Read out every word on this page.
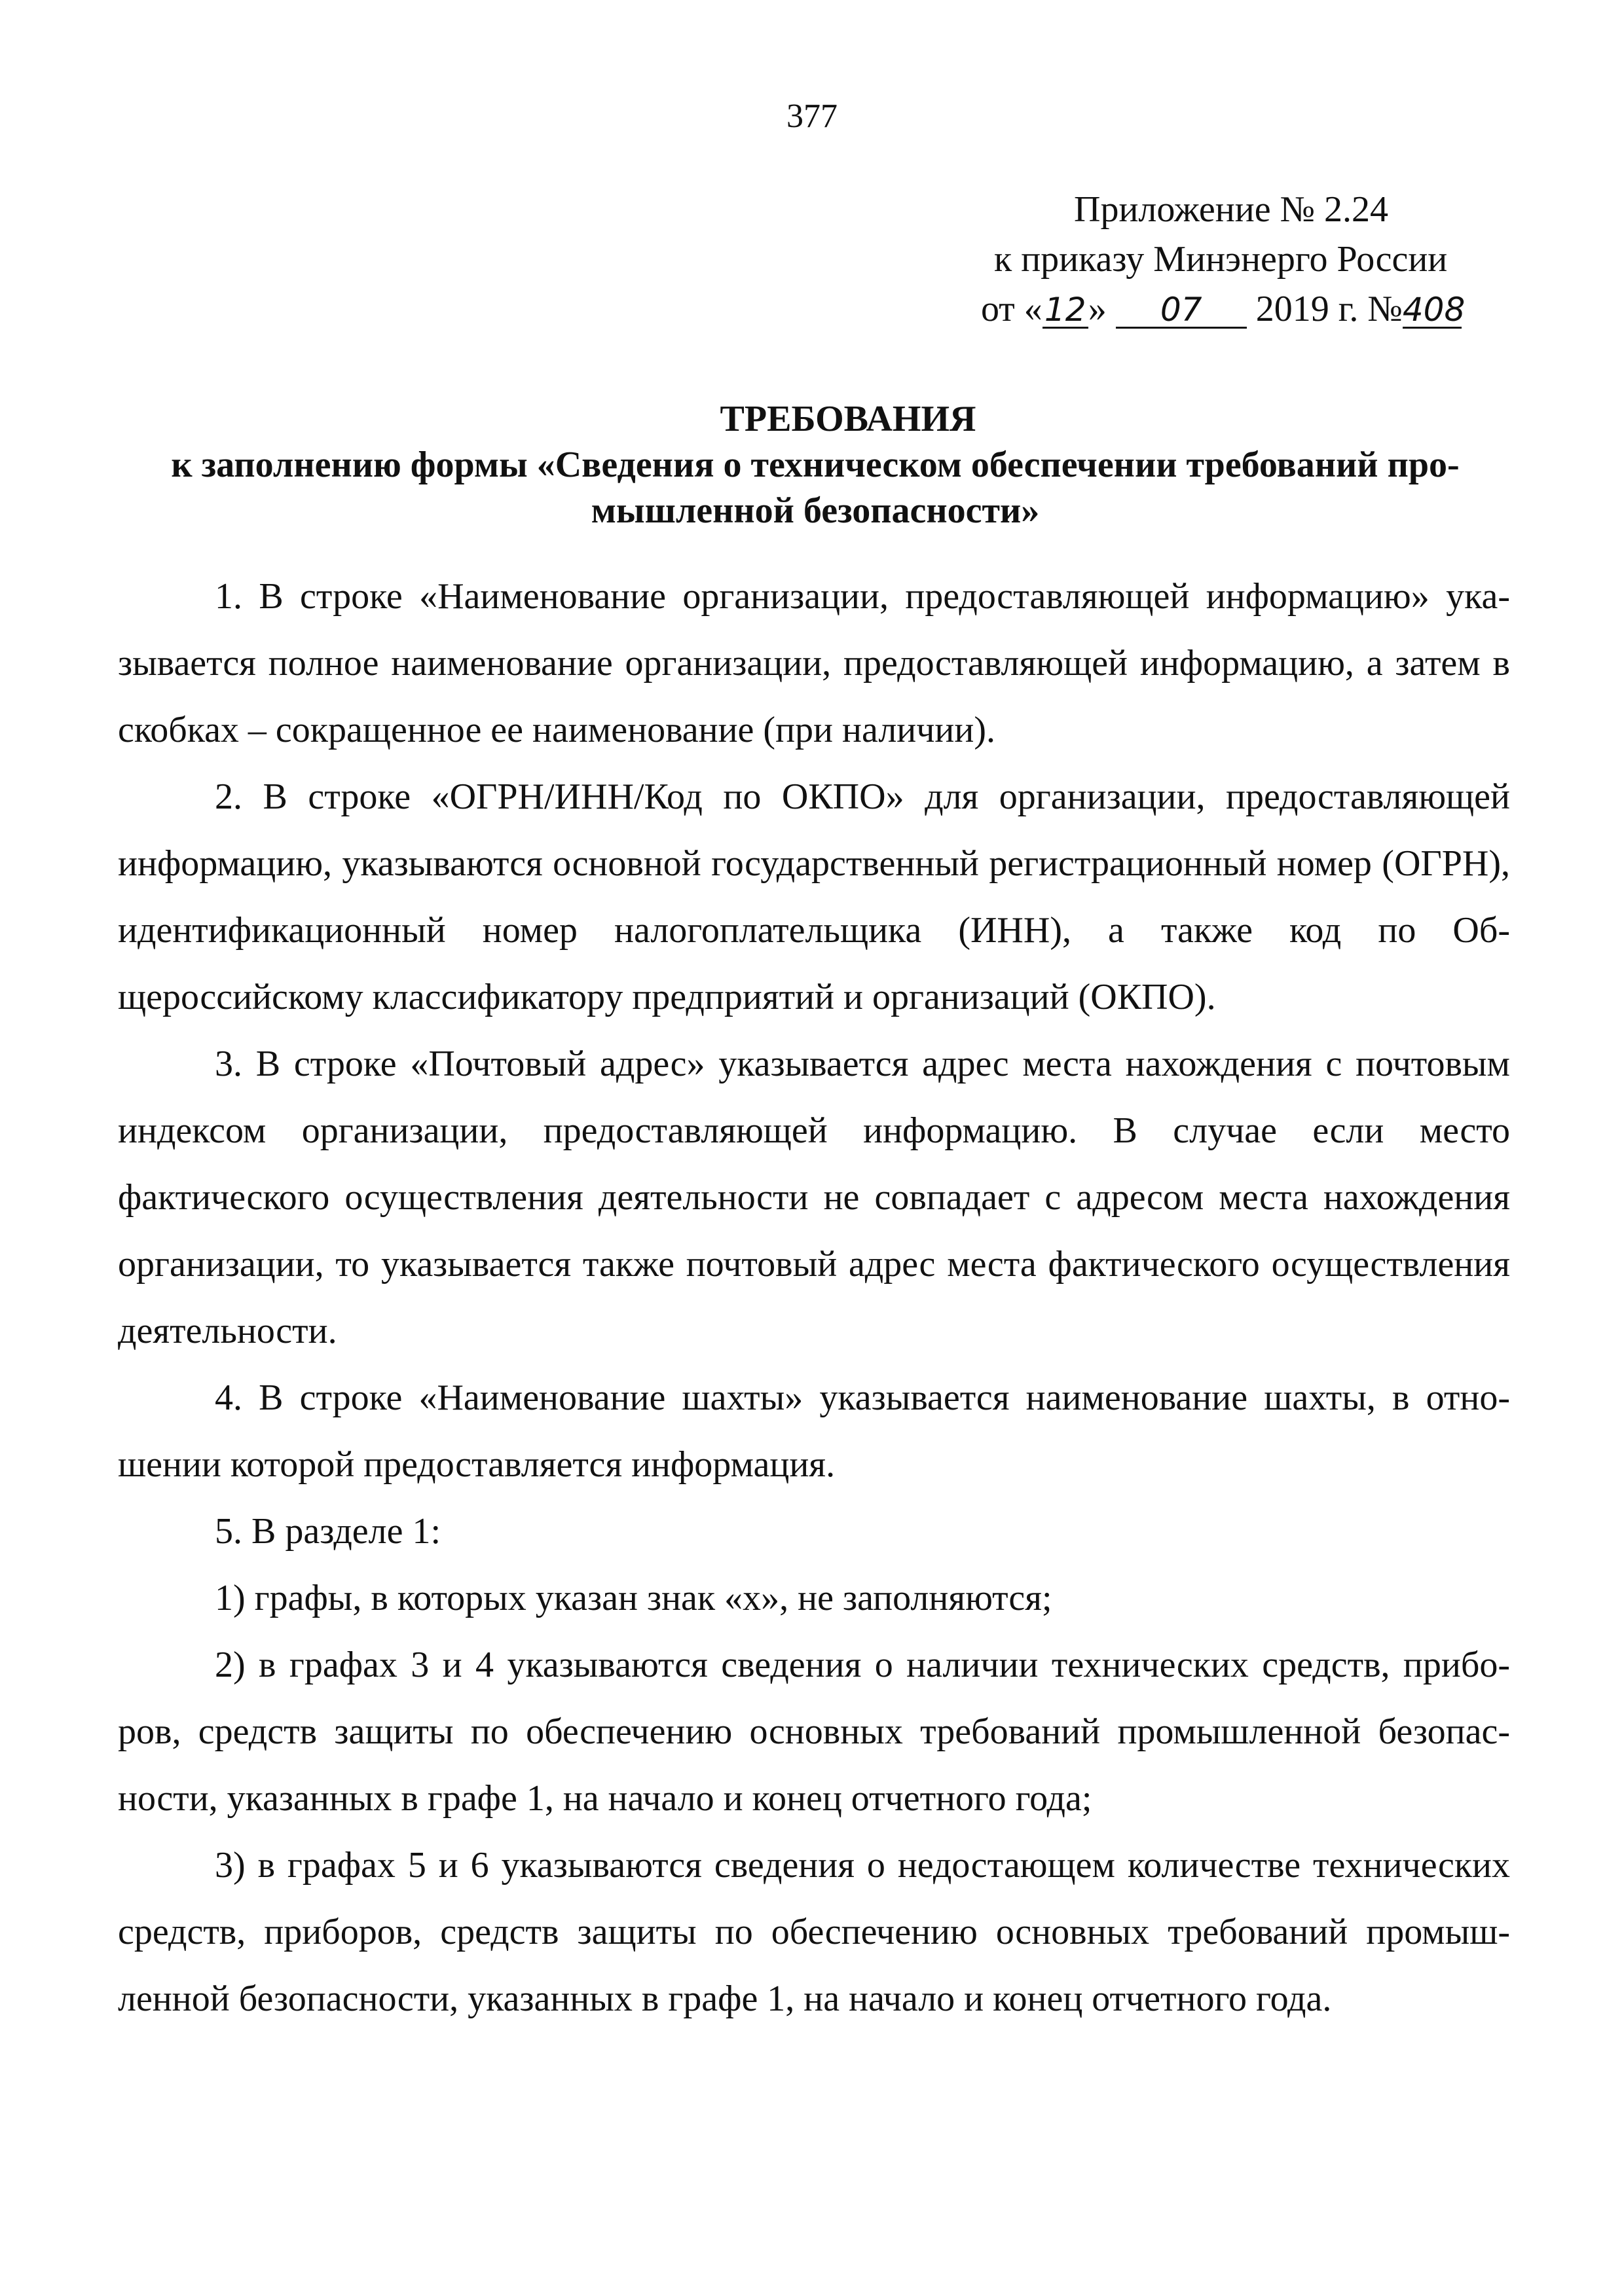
377
Приложение № 2.24
к приказу Минэнерго России
от «12» 07 2019 г. №408
ТРЕБОВАНИЯ
к заполнению формы «Сведения о техническом обеспечении требований промышленной безопасности»

1. В строке «Наименование организации, предоставляющей информацию» указывается полное наименование организации, предоставляющей информацию, а затем в скобках – сокращенное ее наименование (при наличии).

2. В строке «ОГРН/ИНН/Код по ОКПО» для организации, предоставляющей информацию, указываются основной государственный регистрационный номер (ОГРН), идентификационный номер налогоплательщика (ИНН), а также код по Общероссийскому классификатору предприятий и организаций (ОКПО).

3. В строке «Почтовый адрес» указывается адрес места нахождения с почтовым индексом организации, предоставляющей информацию. В случае если место фактического осуществления деятельности не совпадает с адресом места нахождения организации, то указывается также почтовый адрес места фактического осуществления деятельности.

4. В строке «Наименование шахты» указывается наименование шахты, в отношении которой предоставляется информация.

5. В разделе 1:

1) графы, в которых указан знак «х», не заполняются;

2) в графах 3 и 4 указываются сведения о наличии технических средств, приборов, средств защиты по обеспечению основных требований промышленной безопасности, указанных в графе 1, на начало и конец отчетного года;

3) в графах 5 и 6 указываются сведения о недостающем количестве технических средств, приборов, средств защиты по обеспечению основных требований промышленной безопасности, указанных в графе 1, на начало и конец отчетного года.
